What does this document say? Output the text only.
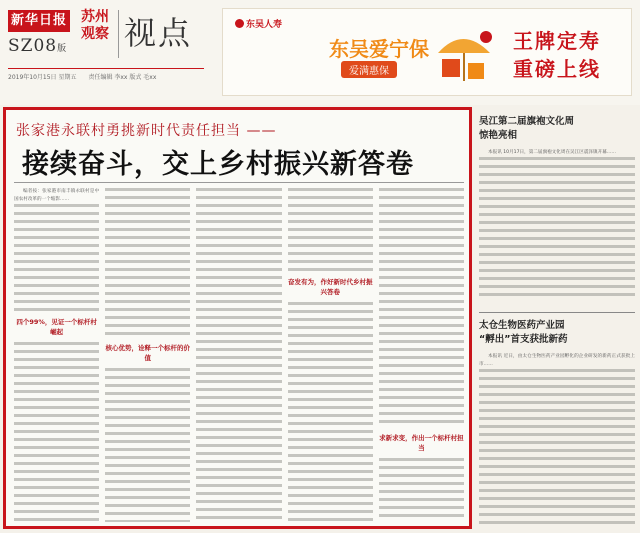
新华日报
SZ08版
苏州
观察 视点
2019年10月15日 星期五　　责任编辑 李xx 版式 毛xx
东吴人寿
东吴爱宁保
爱满惠保
王牌定寿
重磅上线
张家港永联村勇挑新时代责任担当 ——
接续奋斗，交上乡村振兴新答卷

编者按：张家港市南丰镇永联村是中国农村改革的一个缩影……

四个99%，见证一个标杆村崛起
核心优势，诠释一个标杆的价值
奋发有为，作好新时代乡村振兴答卷
求新求变，作出一个标杆村担当
吴江第二届旗袍文化周
惊艳亮相

本报讯 10月17日，第二届旗袍文化周在吴江区震泽镇开幕……

太仓生物医药产业园
“孵出”首支获批新药

本报讯 近日，由太仓生物医药产业园孵化的企业研发的新药正式获批上市……
